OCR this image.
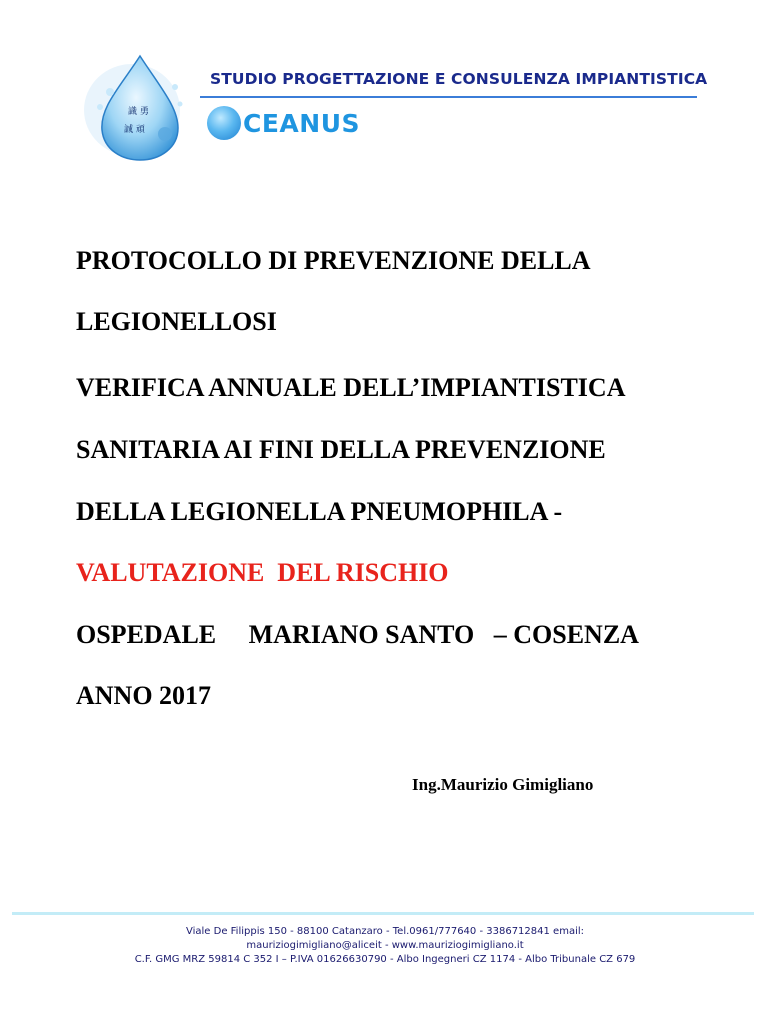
識 勇
誠 頑
STUDIO PROGETTAZIONE E CONSULENZA IMPIANTISTICA
CEANUS
PROTOCOLLO DI PREVENZIONE DELLA
LEGIONELLOSI
VERIFICA ANNUALE DELL’IMPIANTISTICA
SANITARIA AI FINI DELLA PREVENZIONE
DELLA LEGIONELLA PNEUMOPHILA -
VALUTAZIONE  DEL RISCHIO
OSPEDALE     MARIANO SANTO   – COSENZA
ANNO 2017
Ing.Maurizio Gimigliano
Viale De Filippis 150 - 88100 Catanzaro - Tel.0961/777640 - 3386712841 email:
mauriziogimigliano@aliceit - www.mauriziogimigliano.it
C.F. GMG MRZ 59814 C 352 I – P.IVA 01626630790 - Albo Ingegneri CZ 1174 - Albo Tribunale CZ 679
